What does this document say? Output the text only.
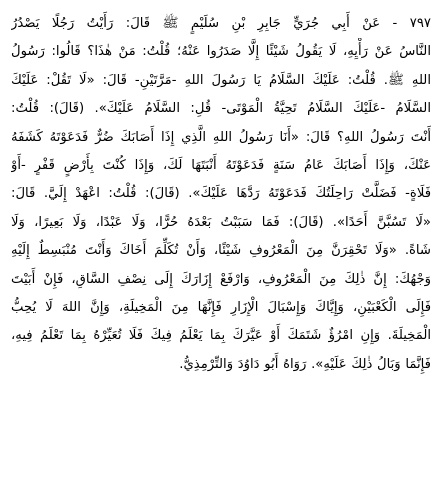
٧٩٧ - عَنْ أَبِي جُرَيٍّ جَابِرِ بْنِ سُلَيْمٍ ﷺ قَالَ: رَأَيْتُ رَجُلًا يَصْدُرُ
النَّاسُ عَنْ رَأْيِهِ، لَا يَقُولُ شَيْئًا إِلَّا صَدَرُوا عَنْهُ؛ قُلْتُ: مَنْ هٰذَا؟ قَالُوا: رَسُولُ
اللهِ ﷺ. قُلْتُ: عَلَيْكَ السَّلَامُ يَا رَسُولَ اللهِ -مَرَّتَيْنِ- قَالَ: «لَا تَقُلْ: عَلَيْكَ
السَّلَامُ -عَلَيْكَ السَّلَامُ تَحِيَّةُ الْمَوْتَى- قُلِ: السَّلَامُ عَلَيْكَ». (قَالَ): قُلْتُ:
أَنْتَ رَسُولُ اللهِ؟ قَالَ: «أَنَا رَسُولُ اللهِ الَّذِي إِذَا أَصَابَكَ ضُرٌّ فَدَعَوْتَهُ كَشَفَهُ
عَنْكَ، وَإِذَا أَصَابَكَ عَامُ سَنَةٍ فَدَعَوْتَهُ أَنْبَتَهَا لَكَ، وَإِذَا كُنْتَ بِأَرْضٍ قَفْرٍ -أَوْ
فَلَاةٍ- فَضَلَّتْ رَاحِلَتُكَ فَدَعَوْتَهُ رَدَّهَا عَلَيْكَ». (قَالَ): قُلْتُ: اعْهَدْ إِلَيَّ. قَالَ:
«لَا تَسُبَّنَّ أَحَدًا». (قَالَ): فَمَا سَبَبْتُ بَعْدَهُ حُرًّا، وَلَا عَبْدًا، وَلَا بَعِيرًا، وَلَا
شَاةً. «وَلَا تَحْقِرَنَّ مِنَ الْمَعْرُوفِ شَيْئًا، وَأَنْ تُكَلِّمَ أَخَاكَ وَأَنْتَ مُنْبَسِطٌ إِلَيْهِ
وَجْهُكَ: إِنَّ ذٰلِكَ مِنَ الْمَعْرُوفِ، وَارْفَعْ إِزَارَكَ إِلَى نِصْفِ السَّاقِ، فَإِنْ أَبَيْتَ
فَإِلَى الْكَعْبَيْنِ، وَإِيَّاكَ وَإِسْبَالَ الْإِزَارِ فَإِنَّهَا مِنَ الْمَخِيلَةِ، وَإِنَّ اللهَ لَا يُحِبُّ
الْمَخِيلَةَ. وَإِنِ امْرُؤٌ شَتَمَكَ أَوْ عَيَّرَكَ بِمَا يَعْلَمُ فِيكَ فَلَا تُعَيِّرْهُ بِمَا تَعْلَمُ فِيهِ،
فَإِنَّمَا وَبَالُ ذٰلِكَ عَلَيْهِ». رَوَاهُ أَبُو دَاوُدَ وَالتِّرْمِذِيُّ.
